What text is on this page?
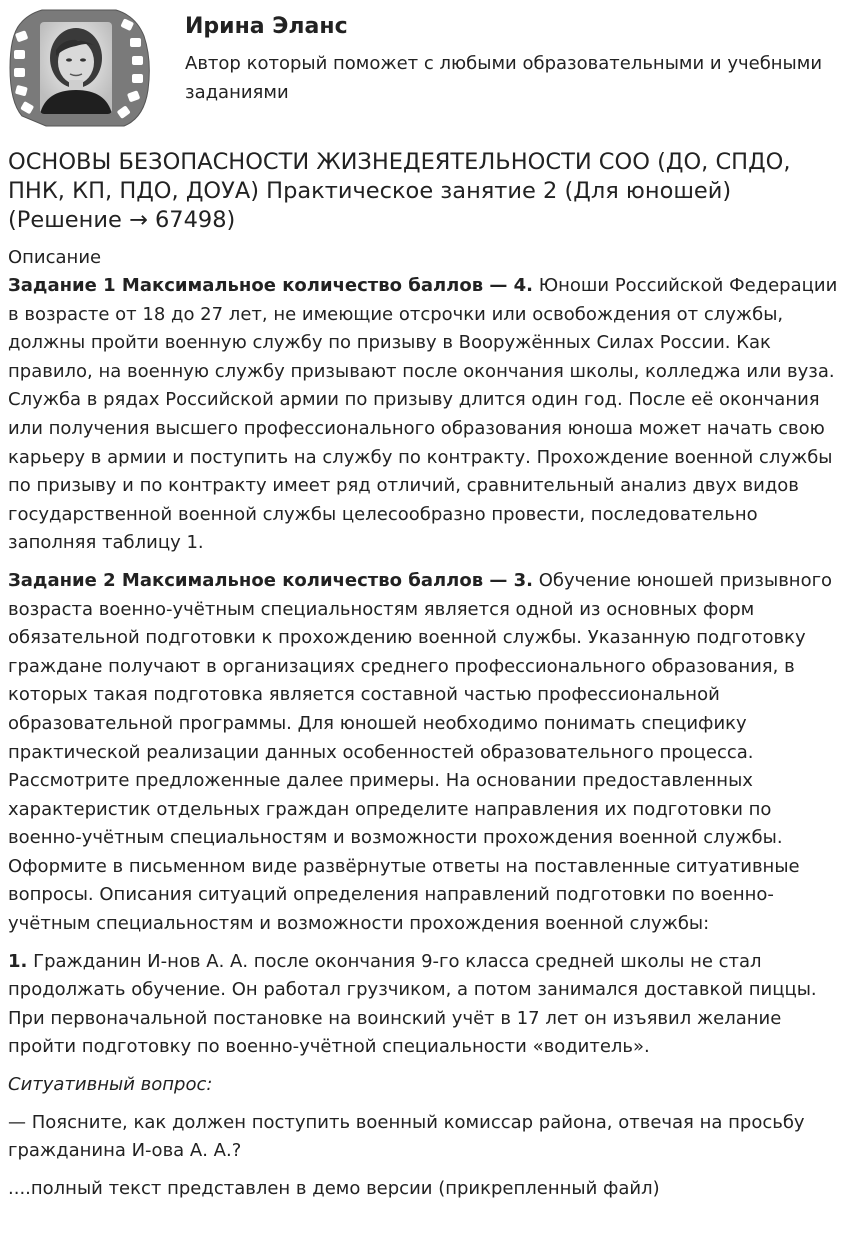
Ирина Эланс
Автор который поможет с любыми образовательными и учебными заданиями
ОСНОВЫ БЕЗОПАСНОСТИ ЖИЗНЕДЕЯТЕЛЬНОСТИ СОО (ДО, СПДО, ПНК, КП, ПДО, ДОУА) Практическое занятие 2 (Для юношей) (Решение → 67498)
Описание

Задание 1 Максимальное количество баллов — 4. Юноши Российской Федерации в возрасте от 18 до 27 лет, не имеющие отсрочки или освобождения от службы, должны пройти военную службу по призыву в Вооружённых Силах России. Как правило, на военную службу призывают после окончания школы, колледжа или вуза. Служба в рядах Российской армии по призыву длится один год. После её окончания или получения высшего профессионального образования юноша может начать свою карьеру в армии и поступить на службу по контракту. Прохождение военной службы по призыву и по контракту имеет ряд отличий, сравнительный анализ двух видов государственной военной службы целесообразно провести, последовательно заполняя таблицу 1.

Задание 2 Максимальное количество баллов — 3. Обучение юношей призывного возраста военно-учётным специальностям является одной из основных форм обязательной подготовки к прохождению военной службы. Указанную подготовку граждане получают в организациях среднего профессионального образования, в которых такая подготовка является составной частью профессиональной образовательной программы. Для юношей необходимо понимать специфику практической реализации данных особенностей образовательного процесса. Рассмотрите предложенные далее примеры. На основании предоставленных характеристик отдельных граждан определите направления их подготовки по военно-учётным специальностям и возможности прохождения военной службы. Оформите в письменном виде развёрнутые ответы на поставленные ситуативные вопросы. Описания ситуаций определения направлений подготовки по военно-учётным специальностям и возможности прохождения военной службы:

1. Гражданин И-нов А. А. после окончания 9-го класса средней школы не стал продолжать обучение. Он работал грузчиком, а потом занимался доставкой пиццы. При первоначальной постановке на воинский учёт в 17 лет он изъявил желание пройти подготовку по военно-учётной специальности «водитель».

Ситуативный вопрос:

— Поясните, как должен поступить военный комиссар района, отвечая на просьбу гражданина И-ова А. А.?

....полный текст представлен в демо версии (прикрепленный файл)
